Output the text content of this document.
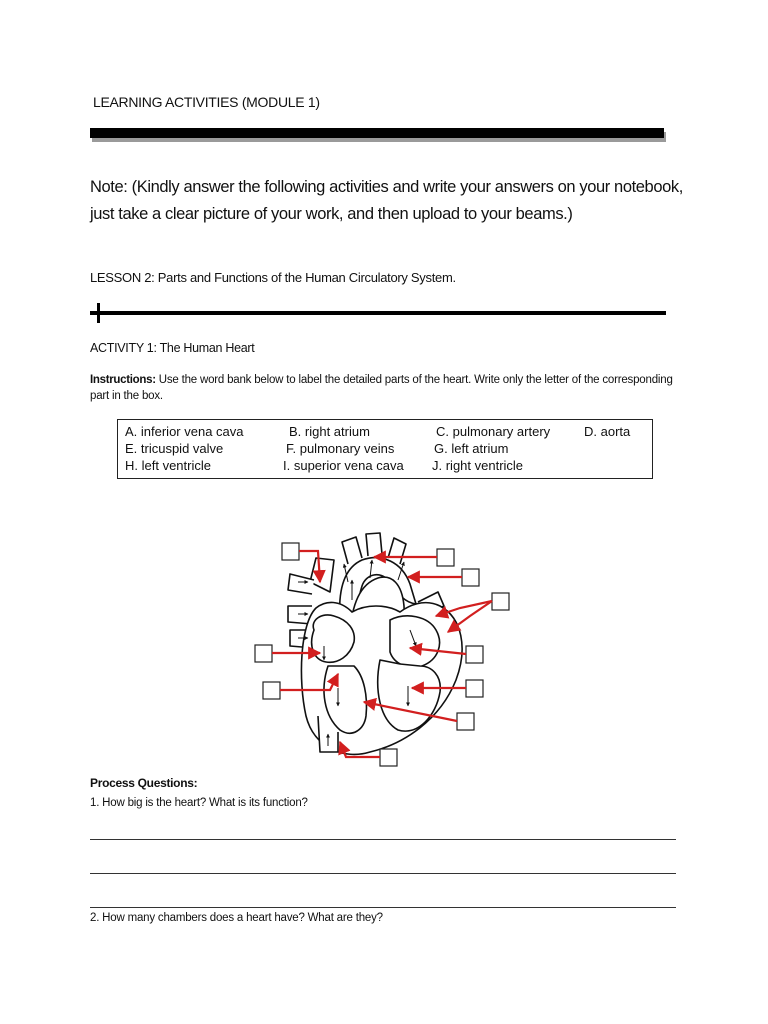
LEARNING ACTIVITIES (MODULE 1)
Note: (Kindly answer the following activities and write your answers on your notebook, just take a clear picture of your work, and then upload to your beams.)
LESSON 2: Parts and Functions of the Human Circulatory System.
ACTIVITY 1: The Human Heart
Instructions: Use the word bank below to label the detailed parts of the heart. Write only the letter of the corresponding part in the box.
A. inferior vena cava	B. right atrium	C. pulmonary artery	D. aorta
E. tricuspid valve	F. pulmonary veins	G. left atrium
H. left ventricle	I. superior vena cava J. right ventricle
Process Questions:
1. How big is the heart? What is its function?
2. How many chambers does a heart have? What are they?
